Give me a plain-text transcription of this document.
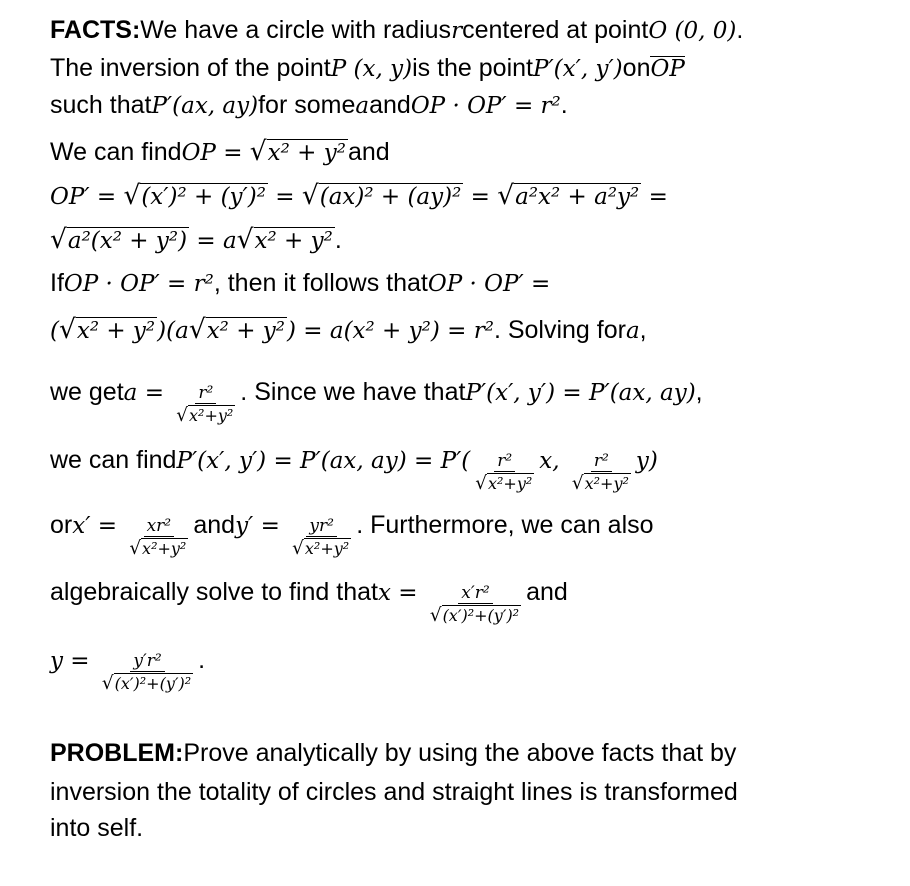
FACTS: We have a circle with radius r centered at point O (0, 0) .
The inversion of the point P (x, y) is the point P′(x′, y′) on OP
such that P′(ax, ay) for some a and OP · OP′ = r² .
We can find OP = √ x² + y² and
OP′ = √ (x′)² + (y′)² = √ (ax)² + (ay)² = √ a²x² + a²y² =
√ a²(x² + y²) = a √ x² + y² .
If OP · OP′ = r² , then it follows that OP · OP′ =
( √ x² + y² )(a √ x² + y² ) = a(x² + y²) = r² . Solving for a ,
we get $a = \frac{\text{r²}}{\text{√ x²+y²}}$ . Since we have that P′(x′, y′) = P′(ax, ay) ,
we can find P′(x′, y′) = P′(ax, $ay) = P'( \frac{\text{r²}}{\text{√ x²+y²}} x$, $\frac{\text{r²}}{\text{√ x²+y²}} y$)
or $x' = \frac{\text{xr²}}{\text{√ x²+y²}}$ and $y' = \frac{\text{yr²}}{\text{√ x²+y²}}$ . Furthermore, we can also
algebraically solve to find that $x = \frac{\text{x′r²}}{\text{√ (x′)²+(y′)²}}$ and
$y = \frac{\text{y′r²}}{\text{√ (x′)²+(y′)²}}$ .
PROBLEM: Prove analytically by using the above facts that by
inversion the totality of circles and straight lines is transformed
into self.
